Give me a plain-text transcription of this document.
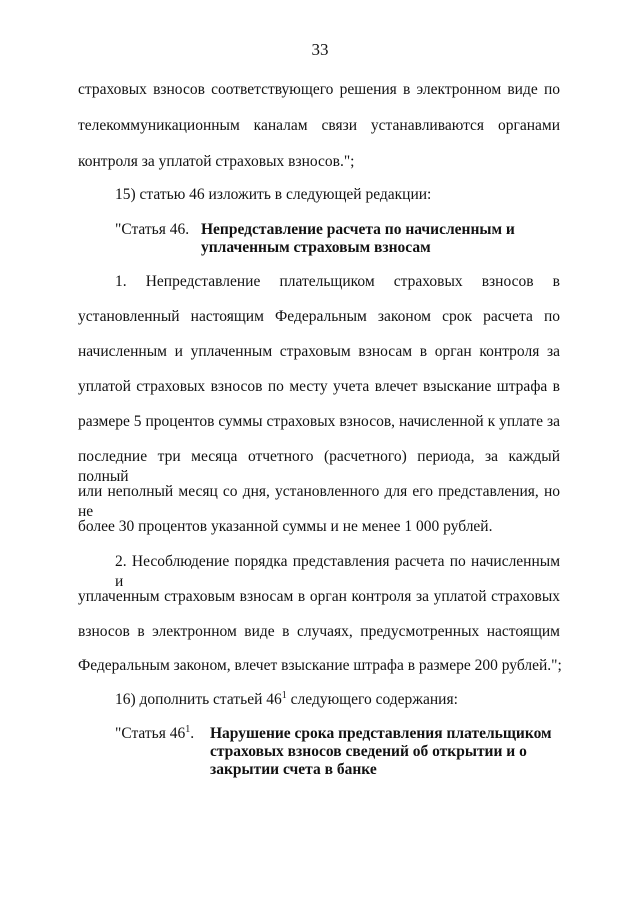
33
страховых взносов соответствующего решения в электронном виде по
телекоммуникационным каналам связи устанавливаются органами
контроля за уплатой страховых взносов.";
15) статью 46 изложить в следующей редакции:
"Статья 46. Непредставление расчета по начисленным и
уплаченным страховым взносам
1. Непредставление плательщиком страховых взносов в
установленный настоящим Федеральным законом срок расчета по
начисленным и уплаченным страховым взносам в орган контроля за
уплатой страховых взносов по месту учета влечет взыскание штрафа в
размере 5 процентов суммы страховых взносов, начисленной к уплате за
последние три месяца отчетного (расчетного) периода, за каждый полный
или неполный месяц со дня, установленного для его представления, но не
более 30 процентов указанной суммы и не менее 1 000 рублей.
2. Несоблюдение порядка представления расчета по начисленным и
уплаченным страховым взносам в орган контроля за уплатой страховых
взносов в электронном виде в случаях, предусмотренных настоящим
Федеральным законом, влечет взыскание штрафа в размере 200 рублей.";
16) дополнить статьей $46^1$ следующего содержания:
"Статья $46^1$. Нарушение срока представления плательщиком
страховых взносов сведений об открытии и о
закрытии счета в банке
